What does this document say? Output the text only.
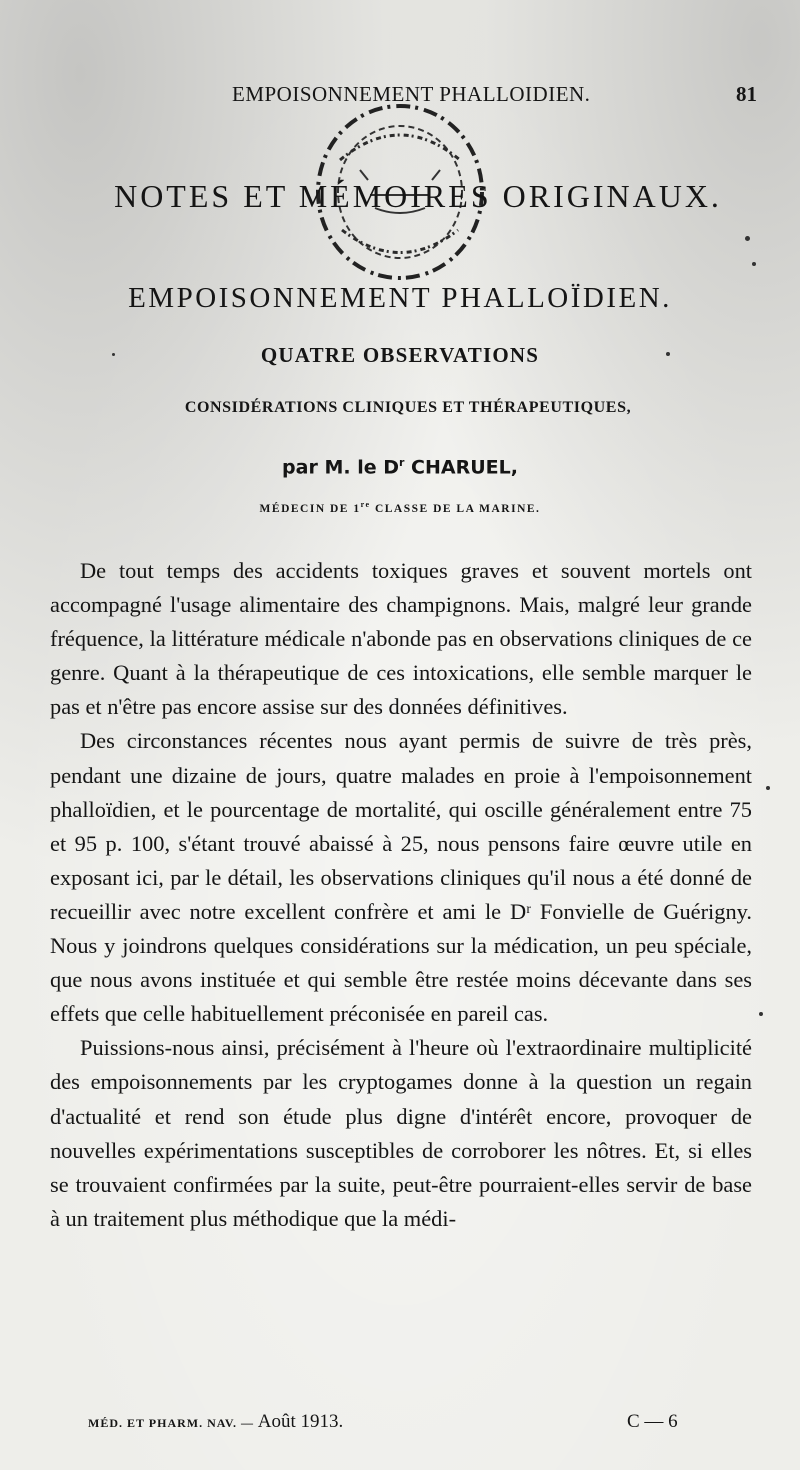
EMPOISONNEMENT PHALLOIDIEN.	81
NOTES ET MÉMOIRES ORIGINAUX.
EMPOISONNEMENT PHALLOÏDIEN.
QUATRE OBSERVATIONS
CONSIDÉRATIONS CLINIQUES ET THÉRAPEUTIQUES,
par M. le $D^r$ CHARUEL,
MÉDECIN DE 1re CLASSE DE LA MARINE.

De tout temps des accidents toxiques graves et souvent mortels ont accompagné l'usage alimentaire des champignons. Mais, malgré leur grande fréquence, la littérature médicale n'abonde pas en observations cliniques de ce genre. Quant à la thérapeutique de ces intoxications, elle semble marquer le pas et n'être pas encore assise sur des données définitives.

Des circonstances récentes nous ayant permis de suivre de très près, pendant une dizaine de jours, quatre malades en proie à l'empoisonnement phalloïdien, et le pourcentage de mortalité, qui oscille généralement entre 75 et 95 p. 100, s'étant trouvé abaissé à 25, nous pensons faire œuvre utile en exposant ici, par le détail, les observations cliniques qu'il nous a été donné de recueillir avec notre excellent confrère et ami le Dʳ Fonvielle de Guérigny. Nous y joindrons quelques considérations sur la médication, un peu spéciale, que nous avons instituée et qui semble être restée moins décevante dans ses effets que celle habituellement préconisée en pareil cas.

Puissions-nous ainsi, précisément à l'heure où l'extraordinaire multiplicité des empoisonnements par les cryptogames donne à la question un regain d'actualité et rend son étude plus digne d'intérêt encore, provoquer de nouvelles expérimentations susceptibles de corroborer les nôtres. Et, si elles se trouvaient confirmées par la suite, peut-être pourraient-elles servir de base à un traitement plus méthodique que la médi-

MÉD. ET PHARM. NAV. — Août 1913.	C — 6
